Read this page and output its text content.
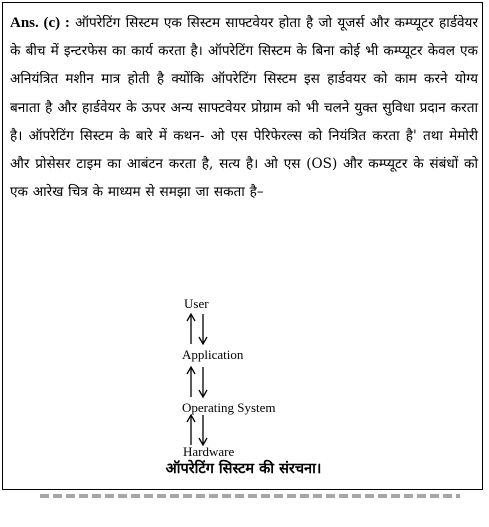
Ans. (c) : ऑपरेटिंग सिस्टम एक सिस्टम साफ्टवेयर होता है जो यूजर्स और कम्प्यूटर हार्डवेयर के बीच में इन्टरफेस का कार्य करता है। ऑपरेटिंग सिस्टम के बिना कोई भी कम्प्यूटर केवल एक अनियंत्रित मशीन मात्र होती है क्योंकि ऑपरेटिंग सिस्टम इस हार्डवयर को काम करने योग्य बनाता है और हार्डवेयर के ऊपर अन्य साफ्टवेयर प्रोग्राम को भी चलने युक्त सुविधा प्रदान करता है। ऑपरेटिंग सिस्टम के बारे में कथन- ओ एस पेरिफेरल्स को नियंत्रित करता है' तथा मेमोरी और प्रोसेसर टाइम का आबंटन करता है, सत्य है। ओ एस (OS) और कम्प्यूटर के संबंधों को एक आरेख चित्र के माध्यम से समझा जा सकता है–
User
Application
Operating System
Hardware
ऑपरेटिंग सिस्टम की संरचना।
